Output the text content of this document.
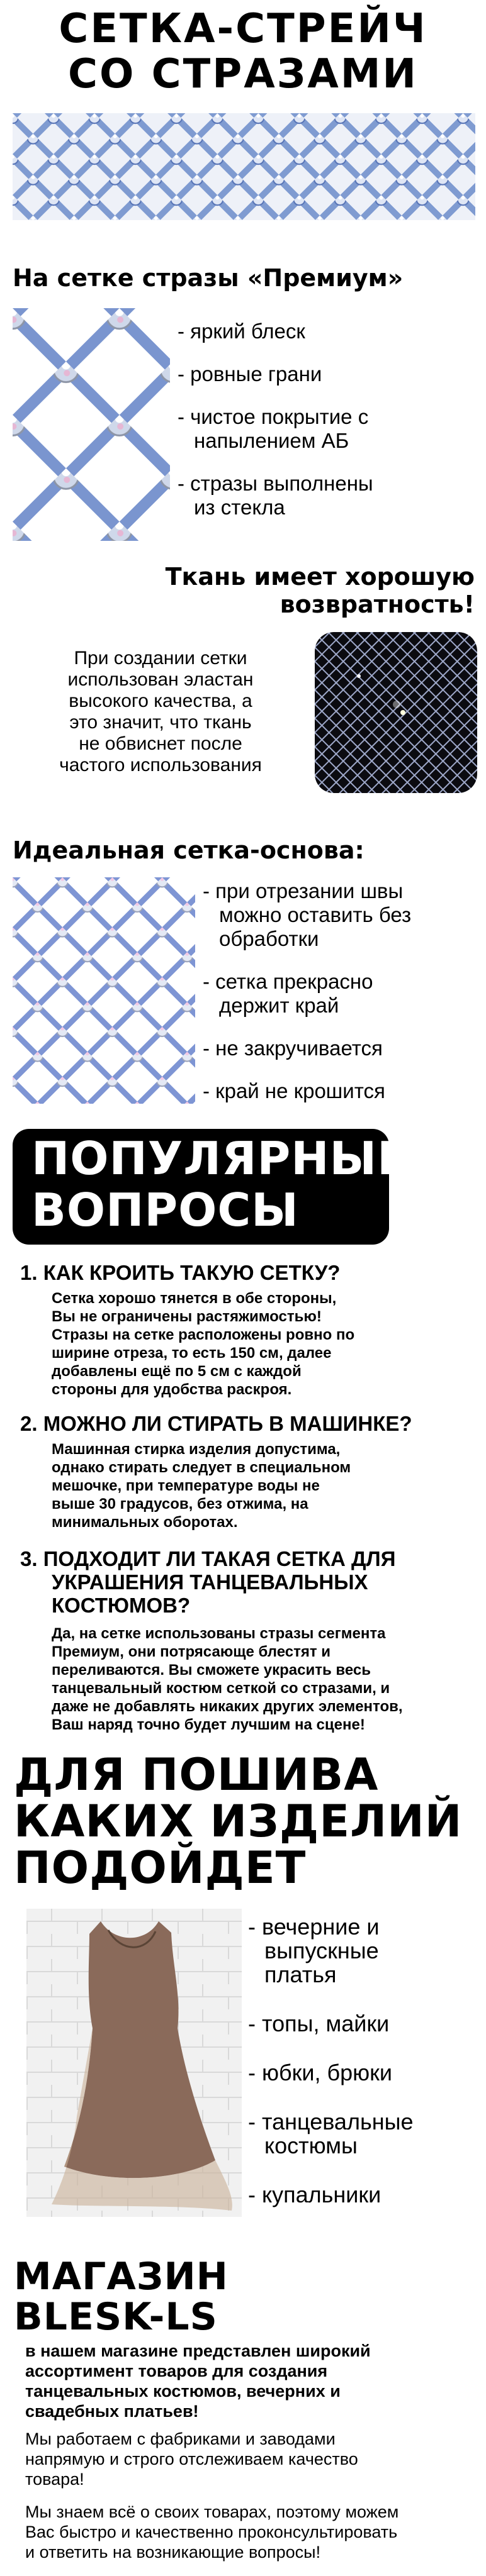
СЕТКА-СТРЕЙЧ
СО СТРАЗАМИ
На сетке стразы «Премиум»
- яркий блеск
- ровные грани
- чистое покрытие с
напылением АБ
- стразы выполнены
из стекла
Ткань имеет хорошую
возвратность!
При создании сетки
использован эластан
высокого качества, а
это значит, что ткань
не обвиснет после
частого использования
Идеальная сетка-основа:
- при отрезании швы
можно оставить без
обработки
- сетка прекрасно
держит край
- не закручивается
- край не крошится
ПОПУЛЯРНЫЕ
ВОПРОСЫ
1. КАК КРОИТЬ ТАКУЮ СЕТКУ?
Сетка хорошо тянется в обе стороны,
Вы не ограничены растяжимостью!
Стразы на сетке расположены ровно по
ширине отреза, то есть 150 см, далее
добавлены ещё по 5 см с каждой
стороны для удобства раскроя.
2. МОЖНО ЛИ СТИРАТЬ В МАШИНКЕ?
Машинная стирка изделия допустима,
однако стирать следует в специальном
мешочке, при температуре воды не
выше 30 градусов, без отжима, на
минимальных оборотах.
3. ПОДХОДИТ ЛИ ТАКАЯ СЕТКА ДЛЯ
УКРАШЕНИЯ ТАНЦЕВАЛЬНЫХ
КОСТЮМОВ?
Да, на сетке использованы стразы сегмента
Премиум, они потрясающе блестят и
переливаются. Вы сможете украсить весь
танцевальный костюм сеткой со стразами, и
даже не добавлять никаких других элементов,
Ваш наряд точно будет лучшим на сцене!
ДЛЯ ПОШИВА
КАКИХ ИЗДЕЛИЙ
ПОДОЙДЕТ
- вечерние и
выпускные
платья
- топы, майки
- юбки, брюки
- танцевальные
костюмы
- купальники
МАГАЗИН
BLESK-LS
в нашем магазине представлен широкий
ассортимент товаров для создания
танцевальных костюмов, вечерних и
свадебных платьев!
Мы работаем с фабриками и заводами
напрямую и строго отслеживаем качество
товара!
Мы знаем всё о своих товарах, поэтому можем
Вас быстро и качественно проконсультировать
и ответить на возникающие вопросы!
